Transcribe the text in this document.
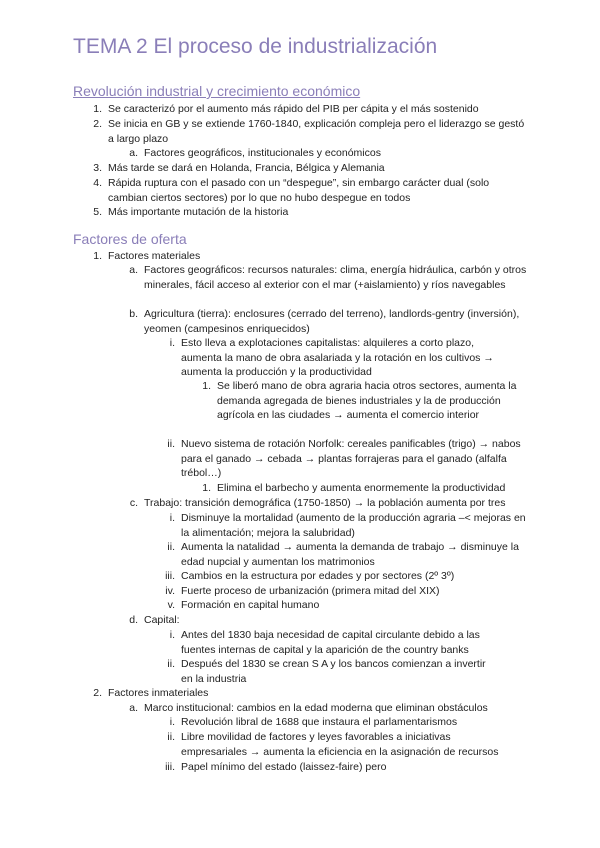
TEMA 2 El proceso de industrialización
Revolución industrial y crecimiento económico
1. Se caracterizó por el aumento más rápido del PIB per cápita y el más sostenido
2. Se inicia en GB y se extiende 1760-1840, explicación compleja pero el liderazgo se gestó a largo plazo
a. Factores geográficos, institucionales y económicos
3. Más tarde se dará en Holanda, Francia, Bélgica y Alemania
4. Rápida ruptura con el pasado con un “despegue”, sin embargo carácter dual (solo cambian ciertos sectores) por lo que no hubo despegue en todos
5. Más importante mutación de la historia
Factores de oferta
1. Factores materiales
a. Factores geográficos: recursos naturales: clima, energía hidráulica, carbón y otros minerales, fácil acceso al exterior con el mar (+aislamiento) y ríos navegables
b. Agricultura (tierra): enclosures (cerrado del terreno), landlords-gentry (inversión), yeomen (campesinos enriquecidos)
i. Esto lleva a explotaciones capitalistas: alquileres a corto plazo, aumenta la mano de obra asalariada y la rotación en los cultivos → aumenta la producción y la productividad
1. Se liberó mano de obra agraria hacia otros sectores, aumenta la demanda agregada de bienes industriales y la de producción agrícola en las ciudades → aumenta el comercio interior
ii. Nuevo sistema de rotación Norfolk: cereales panificables (trigo) → nabos para el ganado → cebada → plantas forrajeras para el ganado (alfalfa trébol…)
1. Elimina el barbecho y aumenta enormemente la productividad
c. Trabajo: transición demográfica (1750-1850) → la población aumenta por tres
i. Disminuye la mortalidad (aumento de la producción agraria –< mejoras en la alimentación; mejora la salubridad)
ii. Aumenta la natalidad → aumenta la demanda de trabajo → disminuye la edad nupcial y aumentan los matrimonios
iii. Cambios en la estructura por edades y por sectores (2º 3º)
iv. Fuerte proceso de urbanización (primera mitad del XIX)
v. Formación en capital humano
d. Capital:
i. Antes del 1830 baja necesidad de capital circulante debido a las fuentes internas de capital y la aparición de the country banks
ii. Después del 1830 se crean S A y los bancos comienzan a invertir en la industria
2. Factores inmateriales
a. Marco institucional: cambios en la edad moderna que eliminan obstáculos
i. Revolución libral de 1688 que instaura el parlamentarismos
ii. Libre movilidad de factores y leyes favorables a iniciativas empresariales → aumenta la eficiencia en la asignación de recursos
iii. Papel mínimo del estado (laissez-faire) pero
